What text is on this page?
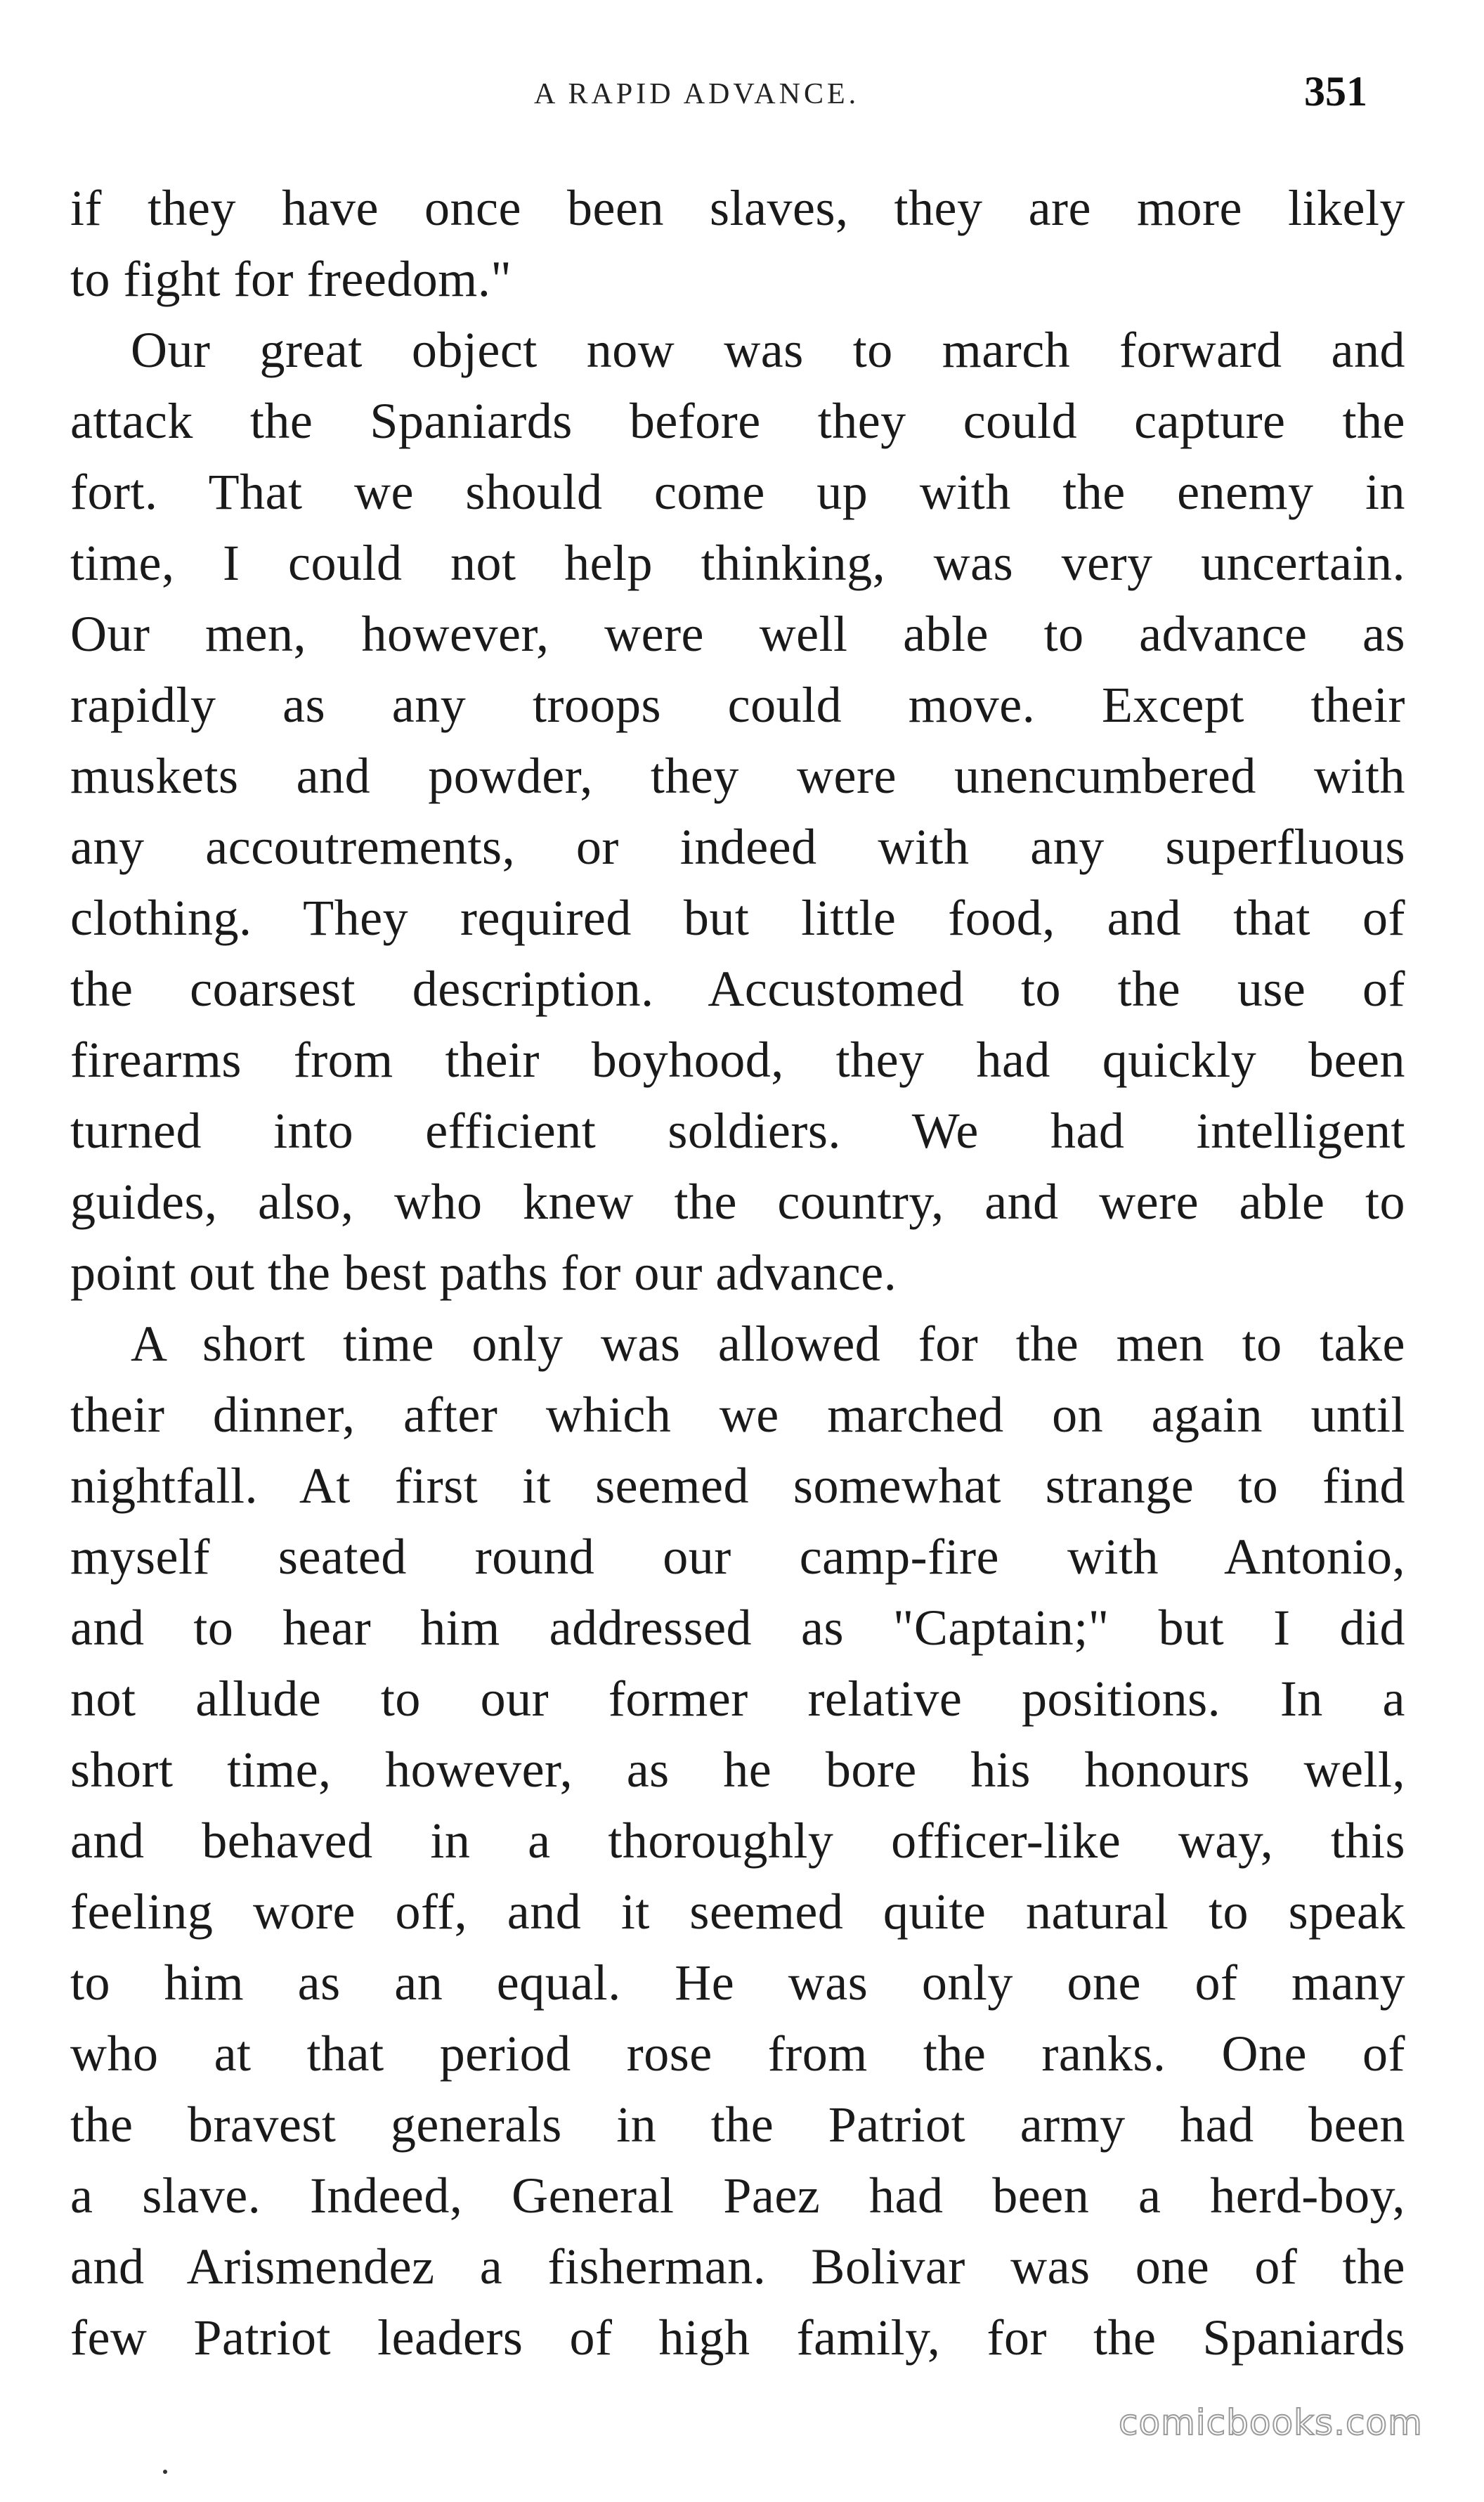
A RAPID ADVANCE.	351
if they have once been slaves, they are more likely
to fight for freedom."
Our great object now was to march forward and
attack the Spaniards before they could capture the
fort. That we should come up with the enemy in
time, I could not help thinking, was very uncertain.
Our men, however, were well able to advance as
rapidly as any troops could move. Except their
muskets and powder, they were unencumbered with
any accoutrements, or indeed with any superfluous
clothing. They required but little food, and that of
the coarsest description. Accustomed to the use of
firearms from their boyhood, they had quickly been
turned into efficient soldiers. We had intelligent
guides, also, who knew the country, and were able to
point out the best paths for our advance.
A short time only was allowed for the men to take
their dinner, after which we marched on again until
nightfall. At first it seemed somewhat strange to find
myself seated round our camp-fire with Antonio,
and to hear him addressed as "Captain;" but I did
not allude to our former relative positions. In a
short time, however, as he bore his honours well,
and behaved in a thoroughly officer-like way, this
feeling wore off, and it seemed quite natural to speak
to him as an equal. He was only one of many
who at that period rose from the ranks. One of
the bravest generals in the Patriot army had been
a slave. Indeed, General Paez had been a herd-boy,
and Arismendez a fisherman. Bolivar was one of the
few Patriot leaders of high family, for the Spaniards
comicbooks.com
